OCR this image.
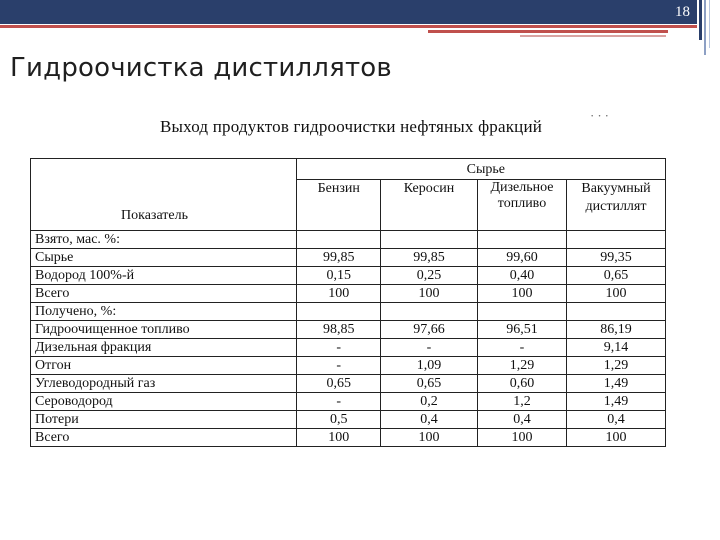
18
Гидроочистка дистиллятов
Выход продуктов гидроочистки нефтяных фракций
···
Показатель	Сырье			
	Бензин	Керосин	Дизельное топливо	Вакуумный дистиллят
Взято, мас. %:				
Сырье	99,85	99,85	99,60	99,35
Водород 100%-й	0,15	0,25	0,40	0,65
Всего	100	100	100	100
Получено, %:				
Гидроочищенное топливо	98,85	97,66	96,51	86,19
Дизельная фракция	-	-	-	9,14
Отгон	-	1,09	1,29	1,29
Углеводородный газ	0,65	0,65	0,60	1,49
Сероводород	-	0,2	1,2	1,49
Потери	0,5	0,4	0,4	0,4
Всего	100	100	100	100
